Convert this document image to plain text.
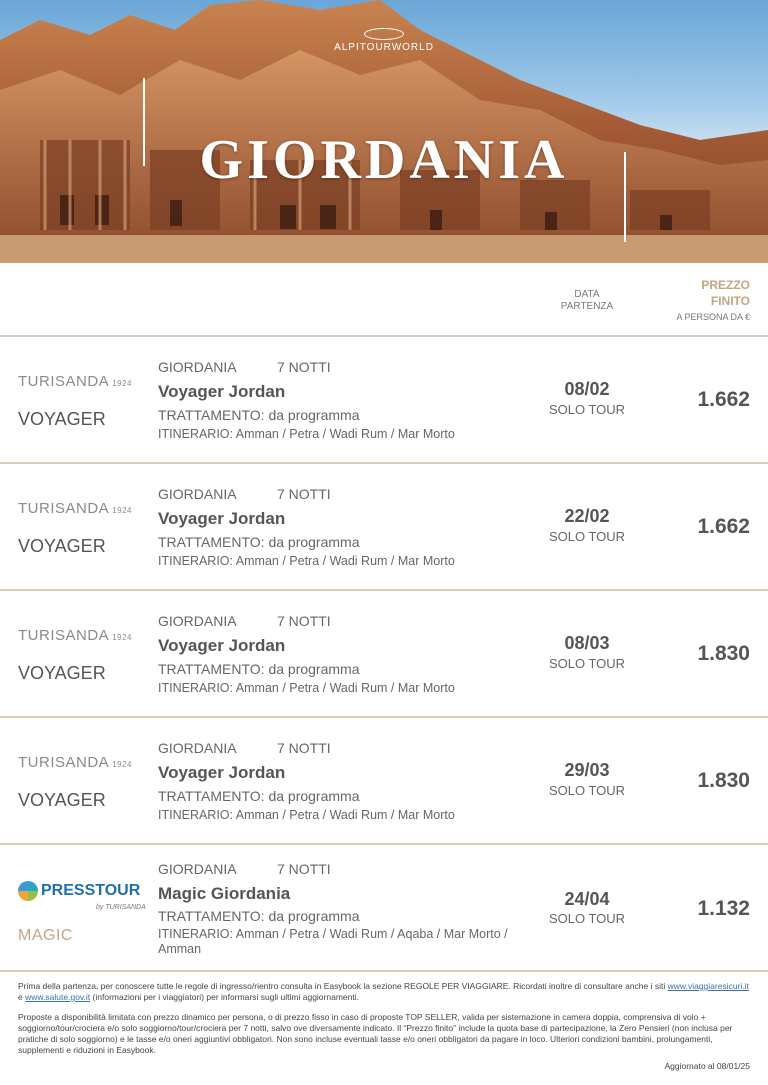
ALPITOURWORLD
GIORDANIA
DATA
PARTENZA
PREZZO
FINITO
A PERSONA DA €
TURISANDA 1924
VOYAGER
GIORDANIA	7 NOTTI
Voyager Jordan
TRATTAMENTO: da programma
ITINERARIO: Amman / Petra / Wadi Rum / Mar Morto
08/02
SOLO TOUR	1.662
TURISANDA 1924
VOYAGER
GIORDANIA	7 NOTTI
Voyager Jordan
TRATTAMENTO: da programma
ITINERARIO: Amman / Petra / Wadi Rum / Mar Morto
22/02
SOLO TOUR	1.662
TURISANDA 1924
VOYAGER
GIORDANIA	7 NOTTI
Voyager Jordan
TRATTAMENTO: da programma
ITINERARIO: Amman / Petra / Wadi Rum / Mar Morto
08/03
SOLO TOUR	1.830
TURISANDA 1924
VOYAGER
GIORDANIA	7 NOTTI
Voyager Jordan
TRATTAMENTO: da programma
ITINERARIO: Amman / Petra / Wadi Rum / Mar Morto
29/03
SOLO TOUR	1.830
PRESSTOUR
by TURISANDA
MAGIC
GIORDANIA	7 NOTTI
Magic Giordania
TRATTAMENTO: da programma
ITINERARIO: Amman / Petra / Wadi Rum / Aqaba / Mar Morto / Amman
24/04
SOLO TOUR	1.132
Prima della partenza, per conoscere tutte le regole di ingresso/rientro consulta in Easybook la sezione REGOLE PER VIAGGIARE. Ricordati inoltre di consultare anche i siti www.viaggiaresicuri.it e www.salute.gov.it (informazioni per i viaggiatori) per informarsi sugli ultimi aggiornamenti.
Proposte a disponibilità limitata con prezzo dinamico per persona, o di prezzo fisso in caso di proposte TOP SELLER, valida per sistemazione in camera doppia, comprensiva di volo + soggiorno/tour/crociera e/o solo soggiorno/tour/crociera per 7 notti, salvo ove diversamente indicato. Il “Prezzo finito” include la quota base di partecipazione, la Zero Pensieri (non inclusa per pratiche di solo soggiorno) e le tasse e/o oneri aggiuntivi obbligatori. Non sono incluse eventuali tasse e/o oneri obbligatori da pagare in loco. Ulteriori condizioni bambini, prolungamenti, supplementi e riduzioni in Easybook.
Aggiornato al 08/01/25
